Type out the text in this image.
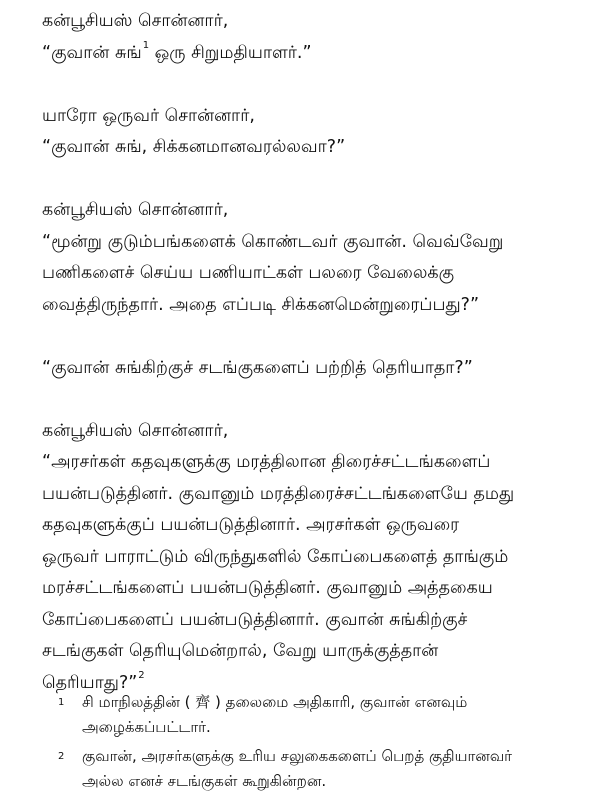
கன்பூசியஸ் சொன்னார்,
“குவான் சுங்$^1$ ஒரு சிறுமதியாளர்.”
யாரோ ஒருவர் சொன்னார்,
“குவான் சுங், சிக்கனமானவரல்லவா?”
கன்பூசியஸ் சொன்னார்,
“மூன்று குடும்பங்களைக் கொண்டவர் குவான். வெவ்வேறு
பணிகளைச் செய்ய பணியாட்கள் பலரை வேலைக்கு
வைத்திருந்தார். அதை எப்படி சிக்கனமென்றுரைப்பது?”
“குவான் சுங்கிற்குச் சடங்குகளைப் பற்றித் தெரியாதா?”
கன்பூசியஸ் சொன்னார்,
“அரசர்கள் கதவுகளுக்கு மரத்திலான திரைச்சட்டங்களைப்
பயன்படுத்தினர். குவானும் மரத்திரைச்சட்டங்களையே தமது
கதவுகளுக்குப் பயன்படுத்தினார். அரசர்கள் ஒருவரை
ஒருவர் பாராட்டும் விருந்துகளில் கோப்பைகளைத் தாங்கும்
மரச்சட்டங்களைப் பயன்படுத்தினர். குவானும் அத்தகைய
கோப்பைகளைப் பயன்படுத்தினார். குவான் சுங்கிற்குச்
சடங்குகள் தெரியுமென்றால், வேறு யாருக்குத்தான்
தெரியாது?”$^2$
1	சி மாநிலத்தின் ( 齊 ) தலைமை அதிகாரி, குவான் எனவும்
அழைக்கப்பட்டார்.
2	குவான், அரசர்களுக்கு உரிய சலுகைகளைப் பெறத் குதியானவர்
அல்ல எனச் சடங்குகள் கூறுகின்றன.
